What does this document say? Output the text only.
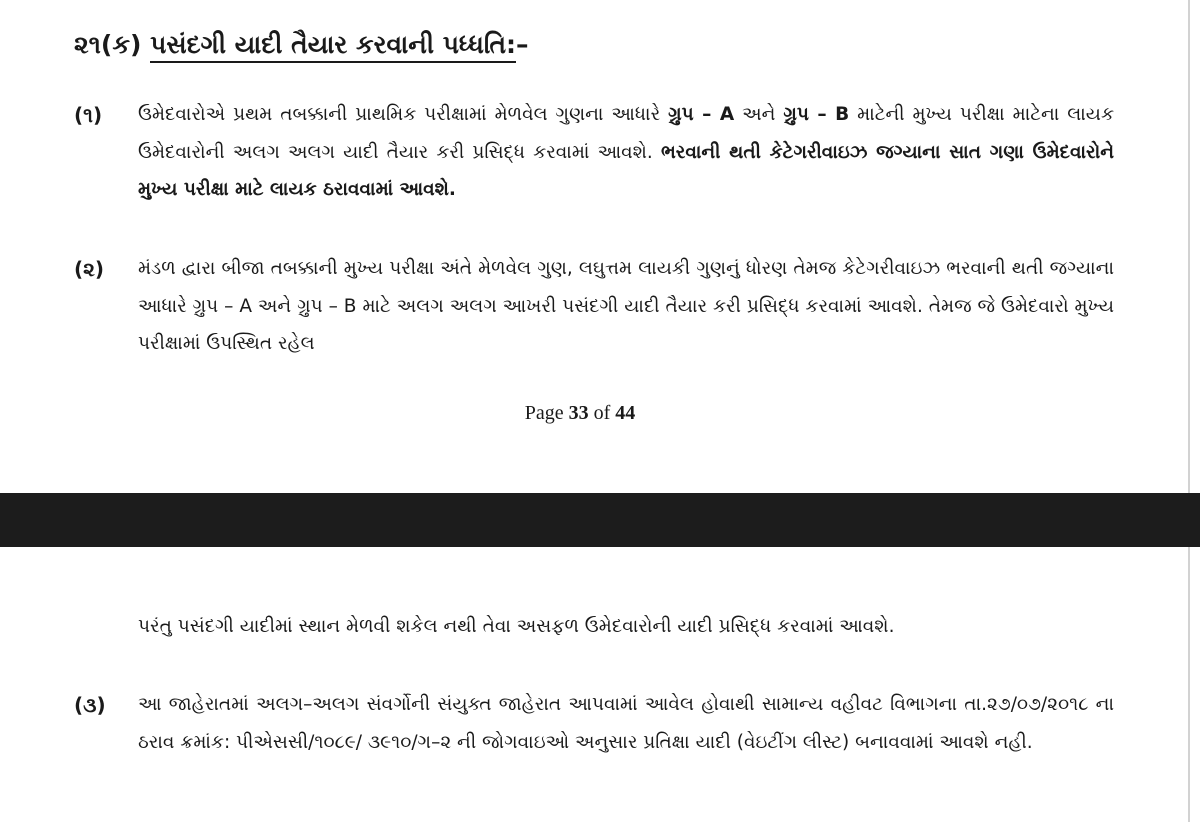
૨૧(ક) પસંદગી યાદી તૈયાર કરવાની પધ્ધતિ:–
(૧) ઉમેદવારોએ પ્રથમ તબક્કાની પ્રાથમિક પરીક્ષામાં મેળવેલ ગુણના આધારે ગ્રુપ – A અને ગ્રુપ – B માટેની મુખ્ય પરીક્ષા માટેના લાયક ઉમેદવારોની અલગ અલગ યાદી તૈયાર કરી પ્રસિદ્ધ કરવામાં આવશે. ભરવાની થતી કેટેગરીવાઇઝ જગ્યાના સાત ગણા ઉમેદવારોને મુખ્ય પરીક્ષા માટે લાયક ઠરાવવામાં આવશે.
(૨) મંડળ દ્વારા બીજા તબક્કાની મુખ્ય પરીક્ષા અંતે મેળવેલ ગુણ, લઘુત્તમ લાયકી ગુણનું ધોરણ તેમજ કેટેગરીવાઇઝ ભરવાની થતી જગ્યાના આધારે ગ્રુપ – A અને ગ્રુપ – B માટે અલગ અલગ આખરી પસંદગી યાદી તૈયાર કરી પ્રસિદ્ધ કરવામાં આવશે. તેમજ જે ઉમેદવારો મુખ્ય પરીક્ષામાં ઉપસ્થિત રહેલ
Page 33 of 44
પરંતુ પસંદગી યાદીમાં સ્થાન મેળવી શકેલ નથી તેવા અસફળ ઉમેદવારોની યાદી પ્રસિદ્ધ કરવામાં આવશે.
(૩) આ જાહેરાતમાં અલગ–અલગ સંવર્ગોની સંયુક્ત જાહેરાત આપવામાં આવેલ હોવાથી સામાન્ય વહીવટ વિભાગના તા.૨૭/૦૭/૨૦૧૮ ના ઠરાવ ક્રમાંક: પીએસસી/૧૦૮૯/ ૩૯૧૦/ગ–૨ ની જોગવાઇઓ અનુસાર પ્રતિક્ષા યાદી (વેઇટીંગ લીસ્ટ) બનાવવામાં આવશે નહી.
